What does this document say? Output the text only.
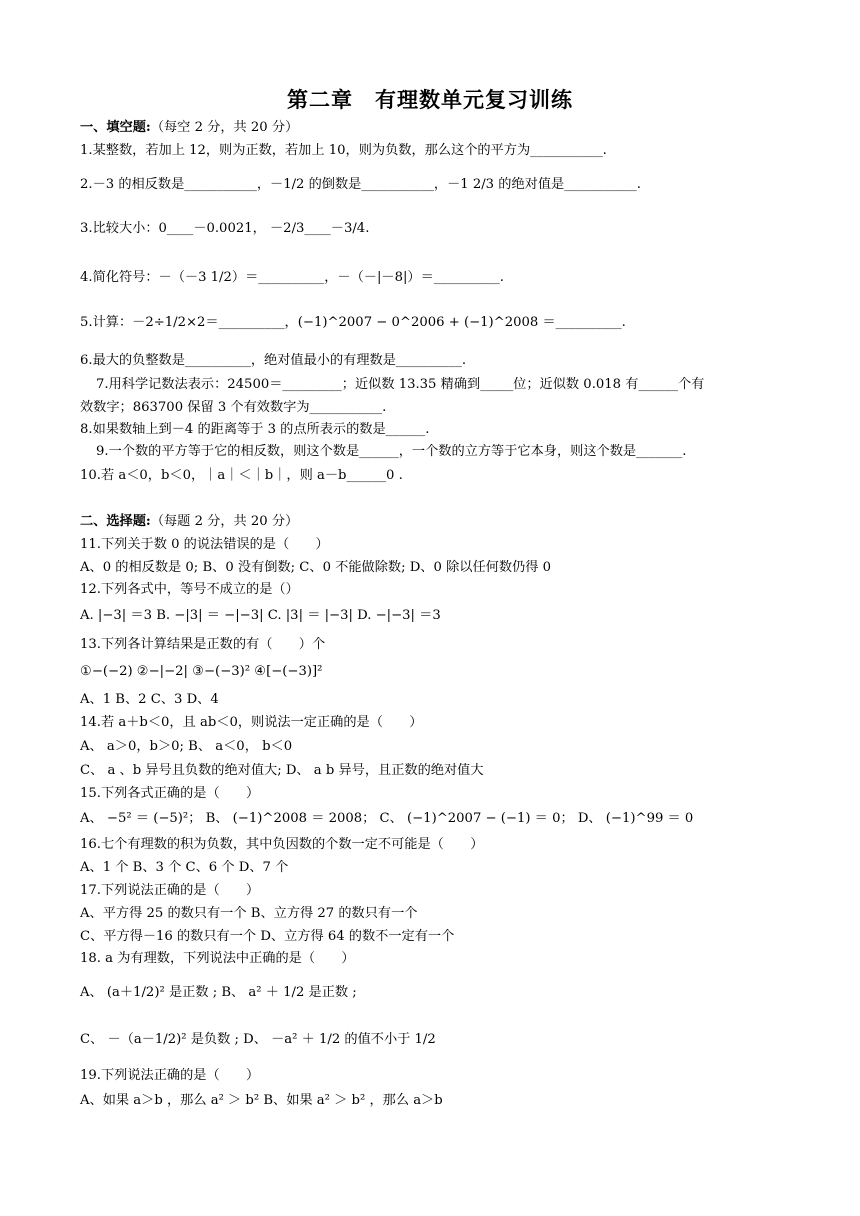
第二章　有理数单元复习训练
一、填空题:（每空 2 分，共 20 分）
1.某整数，若加上 12，则为正数，若加上 10，则为负数，那么这个的平方为___________.
2.－3 的相反数是___________，－1/2 的倒数是___________，－1 2/3 的绝对值是___________.
3.比较大小：0____－0.0021， －2/3____－3/4.
4.简化符号：－（－3 1/2）＝__________，－（－|－8|）＝__________.
5.计算：－2÷1/2×2＝__________，(−1)^2007 − 0^2006 + (−1)^2008 ＝__________.
6.最大的负整数是__________，绝对值最小的有理数是__________.
7.用科学记数法表示：24500＝_________；近似数 13.35 精确到_____位；近似数 0.018 有______个有
效数字；863700 保留 3 个有效数字为___________.
8.如果数轴上到－4 的距离等于 3 的点所表示的数是______.
9.一个数的平方等于它的相反数，则这个数是______，一个数的立方等于它本身，则这个数是_______.
10.若 a＜0，b＜0，｜a｜＜｜b｜，则 a－b______0 .
二、选择题:（每题 2 分，共 20 分）
11.下列关于数 0 的说法错误的是（　　）
A、0 的相反数是 0; B、0 没有倒数; C、0 不能做除数; D、0 除以任何数仍得 0
12.下列各式中，等号不成立的是（）
A. |−3| ＝3 B. −|3| ＝ −|−3| C. |3| ＝ |−3| D. −|−3| ＝3
13.下列各计算结果是正数的有（　　）个
①−(−2) ②−|−2| ③−(−3)² ④[−(−3)]²
A、1 B、2 C、3 D、4
14.若 a＋b＜0，且 ab＜0，则说法一定正确的是（　　）
A、 a＞0，b＞0; B、 a＜0， b＜0
C、 a 、b 异号且负数的绝对值大; D、 a b 异号，且正数的绝对值大
15.下列各式正确的是（　　）
A、 −5² ＝ (−5)²； B、 (−1)^2008 ＝ 2008； C、 (−1)^2007 − (−1) ＝ 0； D、 (−1)^99 ＝ 0
16.七个有理数的积为负数，其中负因数的个数一定不可能是（　　）
A、1 个 B、3 个 C、6 个 D、7 个
17.下列说法正确的是（　　）
A、平方得 25 的数只有一个 B、立方得 27 的数只有一个
C、平方得－16 的数只有一个 D、立方得 64 的数不一定有一个
18. a 为有理数，下列说法中正确的是（　　）
A、 (a＋1/2)² 是正数 ; B、 a² ＋ 1/2 是正数 ;
C、 －（a－1/2)² 是负数 ; D、 －a² ＋ 1/2 的值不小于 1/2
19.下列说法正确的是（　　）
A、如果 a＞b ，那么 a² ＞ b² B、如果 a² ＞ b² ，那么 a＞b
